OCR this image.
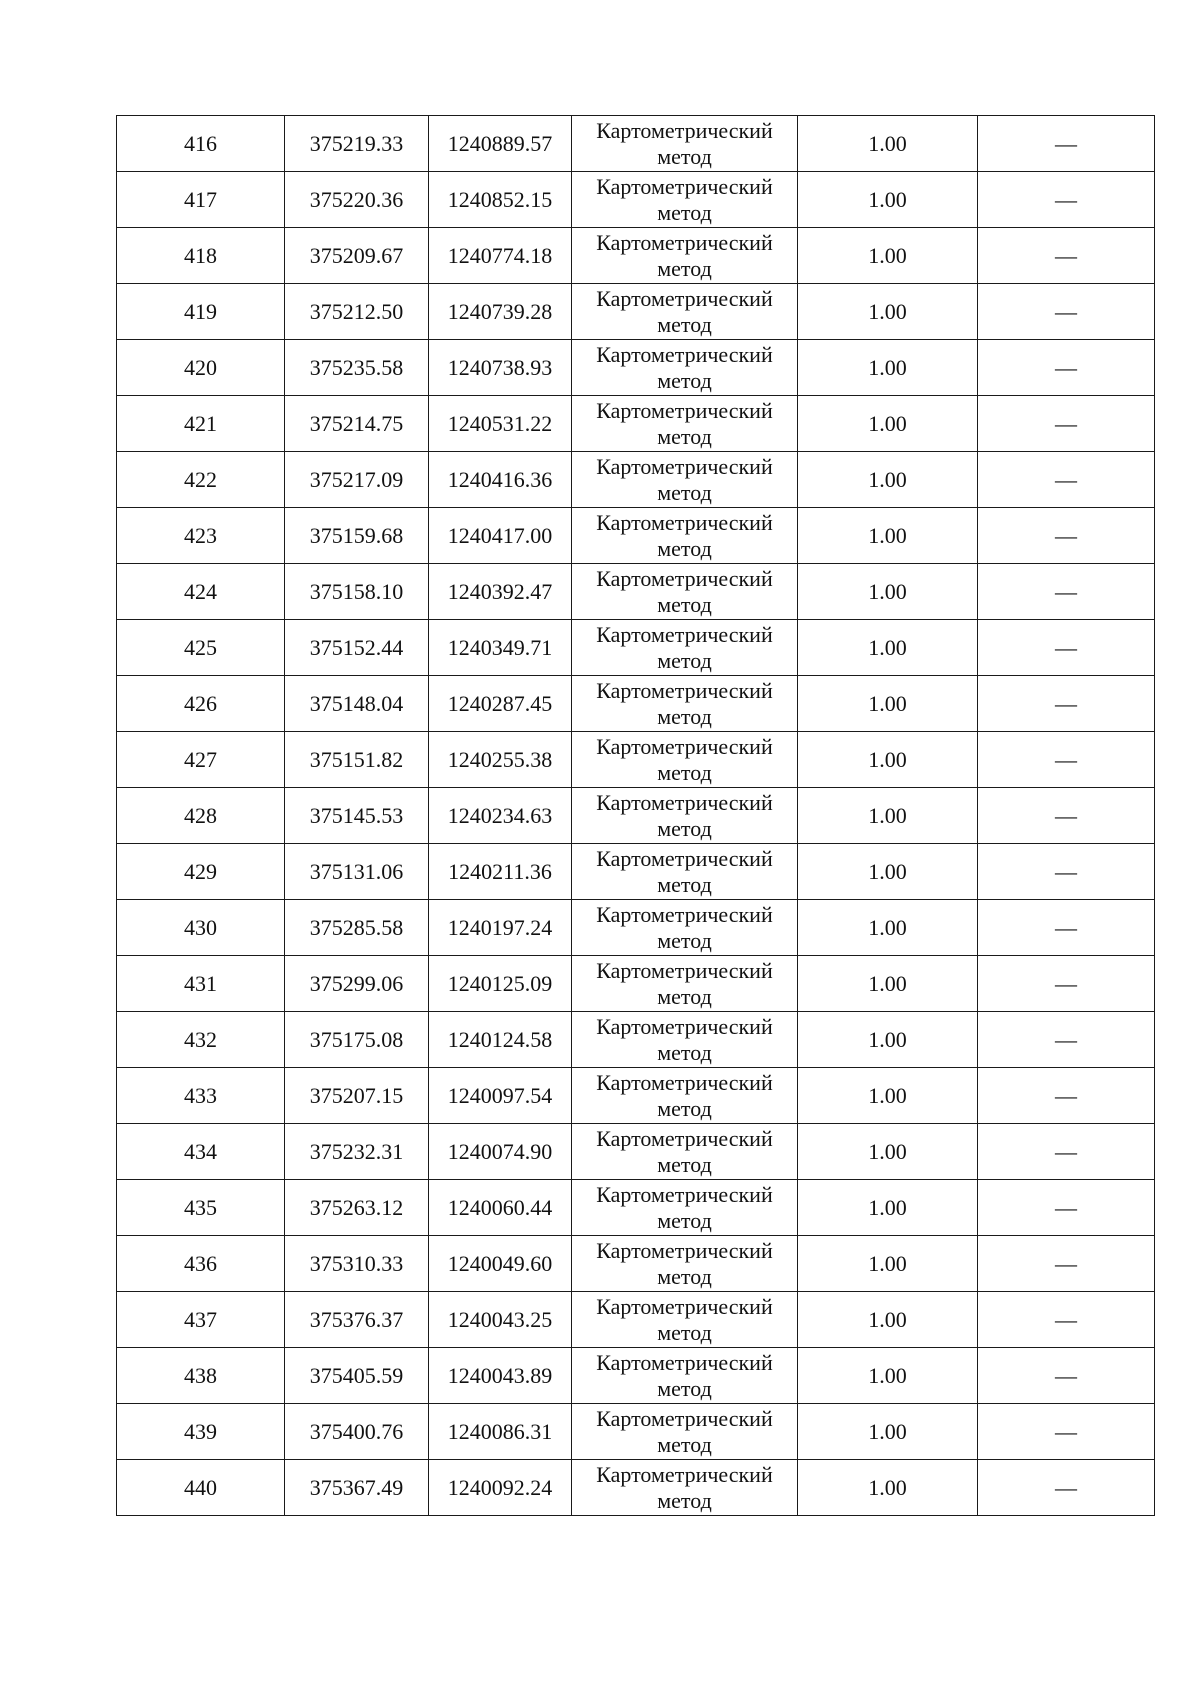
416	375219.33	1240889.57	Картометрический
метод	1.00	—
417	375220.36	1240852.15	Картометрический
метод	1.00	—
418	375209.67	1240774.18	Картометрический
метод	1.00	—
419	375212.50	1240739.28	Картометрический
метод	1.00	—
420	375235.58	1240738.93	Картометрический
метод	1.00	—
421	375214.75	1240531.22	Картометрический
метод	1.00	—
422	375217.09	1240416.36	Картометрический
метод	1.00	—
423	375159.68	1240417.00	Картометрический
метод	1.00	—
424	375158.10	1240392.47	Картометрический
метод	1.00	—
425	375152.44	1240349.71	Картометрический
метод	1.00	—
426	375148.04	1240287.45	Картометрический
метод	1.00	—
427	375151.82	1240255.38	Картометрический
метод	1.00	—
428	375145.53	1240234.63	Картометрический
метод	1.00	—
429	375131.06	1240211.36	Картометрический
метод	1.00	—
430	375285.58	1240197.24	Картометрический
метод	1.00	—
431	375299.06	1240125.09	Картометрический
метод	1.00	—
432	375175.08	1240124.58	Картометрический
метод	1.00	—
433	375207.15	1240097.54	Картометрический
метод	1.00	—
434	375232.31	1240074.90	Картометрический
метод	1.00	—
435	375263.12	1240060.44	Картометрический
метод	1.00	—
436	375310.33	1240049.60	Картометрический
метод	1.00	—
437	375376.37	1240043.25	Картометрический
метод	1.00	—
438	375405.59	1240043.89	Картометрический
метод	1.00	—
439	375400.76	1240086.31	Картометрический
метод	1.00	—
440	375367.49	1240092.24	Картометрический
метод	1.00	—
